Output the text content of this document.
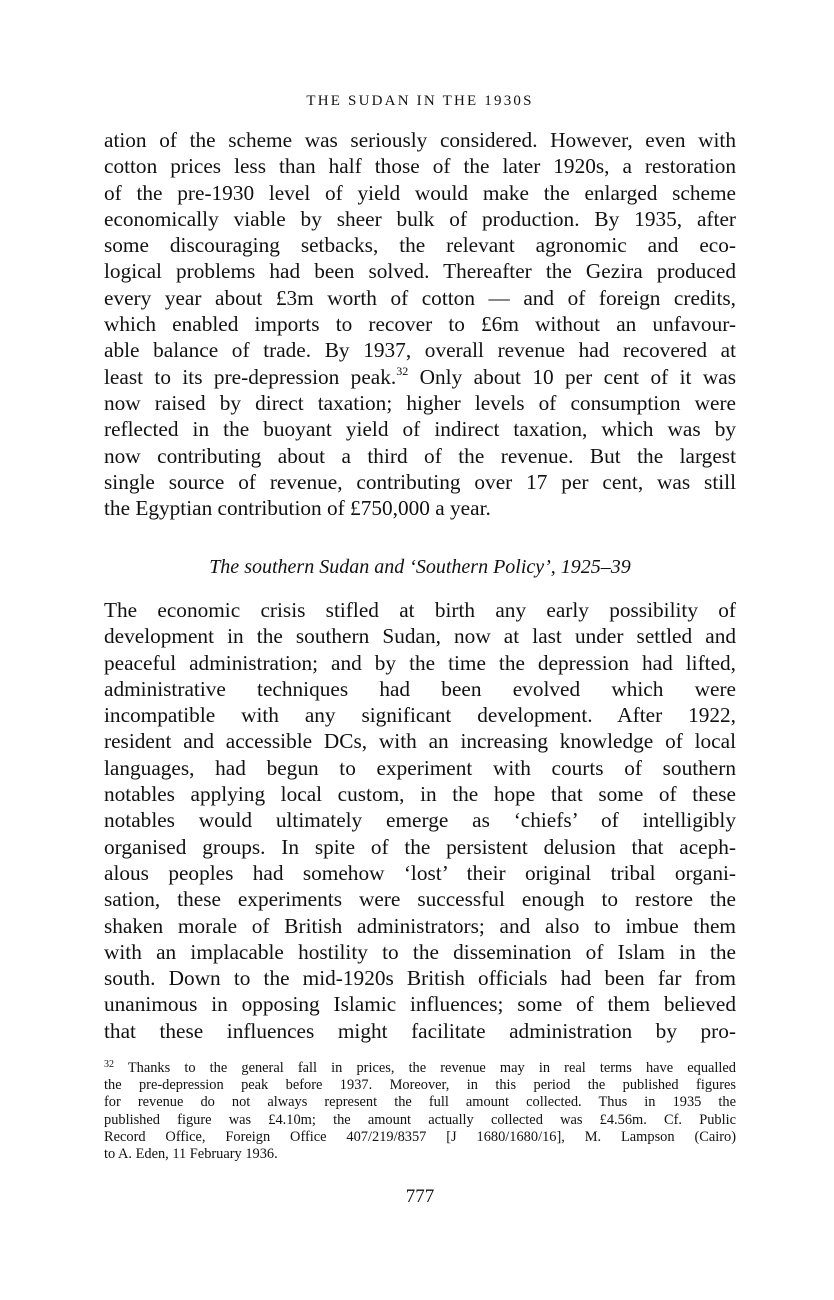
THE SUDAN IN THE 1930S
ation of the scheme was seriously considered. However, even with
cotton prices less than half those of the later 1920s, a restoration
of the pre-1930 level of yield would make the enlarged scheme
economically viable by sheer bulk of production. By 1935, after
some discouraging setbacks, the relevant agronomic and eco-
logical problems had been solved. Thereafter the Gezira produced
every year about £3m worth of cotton — and of foreign credits,
which enabled imports to recover to £6m without an unfavour-
able balance of trade. By 1937, overall revenue had recovered at
least to its pre-depression peak.$^{32}$ Only about 10 per cent of it was
now raised by direct taxation; higher levels of consumption were
reflected in the buoyant yield of indirect taxation, which was by
now contributing about a third of the revenue. But the largest
single source of revenue, contributing over 17 per cent, was still
the Egyptian contribution of £750,000 a year.
The southern Sudan and ‘Southern Policy’, 1925–39
The economic crisis stifled at birth any early possibility of
development in the southern Sudan, now at last under settled and
peaceful administration; and by the time the depression had lifted,
administrative techniques had been evolved which were
incompatible with any significant development. After 1922,
resident and accessible DCs, with an increasing knowledge of local
languages, had begun to experiment with courts of southern
notables applying local custom, in the hope that some of these
notables would ultimately emerge as ‘chiefs’ of intelligibly
organised groups. In spite of the persistent delusion that aceph-
alous peoples had somehow ‘lost’ their original tribal organi-
sation, these experiments were successful enough to restore the
shaken morale of British administrators; and also to imbue them
with an implacable hostility to the dissemination of Islam in the
south. Down to the mid-1920s British officials had been far from
unanimous in opposing Islamic influences; some of them believed
that these influences might facilitate administration by pro-
$^{32}$ Thanks to the general fall in prices, the revenue may in real terms have equalled
the pre-depression peak before 1937. Moreover, in this period the published figures
for revenue do not always represent the full amount collected. Thus in 1935 the
published figure was £4.10m; the amount actually collected was £4.56m. Cf. Public
Record Office, Foreign Office 407/219/8357 [J 1680/1680/16], M. Lampson (Cairo)
to A. Eden, 11 February 1936.
777
